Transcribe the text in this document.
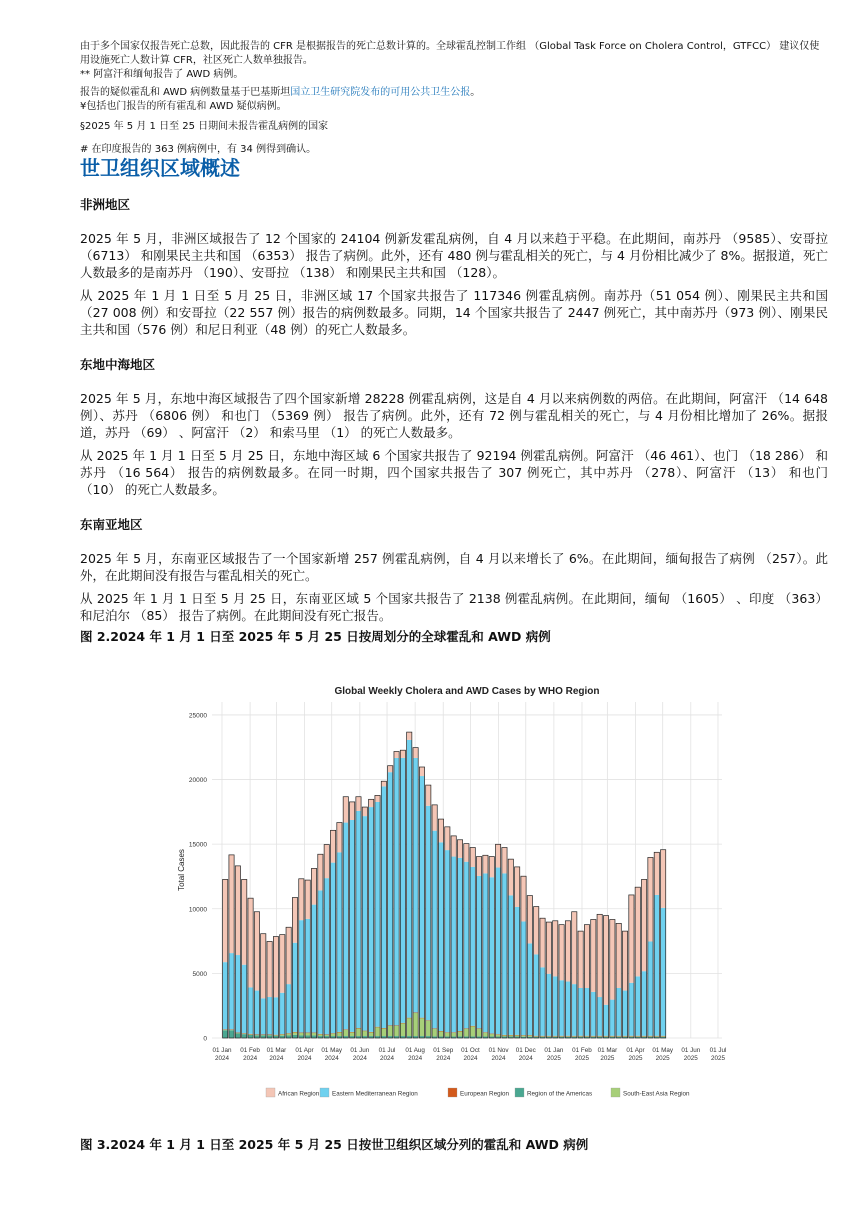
由于多个国家仅报告死亡总数，因此报告的 CFR 是根据报告的死亡总数计算的。全球霍乱控制工作组 （Global Task Force on Cholera Control，GTFCC） 建议仅使用设施死亡人数计算 CFR，社区死亡人数单独报告。

** 阿富汗和缅甸报告了 AWD 病例。

报告的疑似霍乱和 AWD 病例数量基于巴基斯坦国立卫生研究院发布的可用公共卫生公报。

¥包括也门报告的所有霍乱和 AWD 疑似病例。

§2025 年 5 月 1 日至 25 日期间未报告霍乱病例的国家

# 在印度报告的 363 例病例中，有 34 例得到确认。

世卫组织区域概述
非洲地区

2025 年 5 月，非洲区域报告了 12 个国家的 24104 例新发霍乱病例，自 4 月以来趋于平稳。在此期间，南苏丹 （9585）、安哥拉 （6713） 和刚果民主共和国 （6353） 报告了病例。此外，还有 480 例与霍乱相关的死亡，与 4 月份相比减少了 8%。据报道，死亡人数最多的是南苏丹 （190）、安哥拉 （138） 和刚果民主共和国 （128）。

从 2025 年 1 月 1 日至 5 月 25 日，非洲区域 17 个国家共报告了 117346 例霍乱病例。南苏丹（51 054 例）、刚果民主共和国（27 008 例）和安哥拉（22 557 例）报告的病例数最多。同期，14 个国家共报告了 2447 例死亡，其中南苏丹（973 例）、刚果民主共和国（576 例）和尼日利亚（48 例）的死亡人数最多。

东地中海地区

2025 年 5 月，东地中海区域报告了四个国家新增 28228 例霍乱病例，这是自 4 月以来病例数的两倍。在此期间，阿富汗 （14 648 例）、苏丹 （6806 例） 和也门 （5369 例） 报告了病例。此外，还有 72 例与霍乱相关的死亡，与 4 月份相比增加了 26%。据报道，苏丹 （69） 、阿富汗 （2） 和索马里 （1） 的死亡人数最多。

从 2025 年 1 月 1 日至 5 月 25 日，东地中海区域 6 个国家共报告了 92194 例霍乱病例。阿富汗 （46 461）、也门 （18 286） 和苏丹 （16 564） 报告的病例数最多。在同一时期，四个国家共报告了 307 例死亡，其中苏丹 （278）、阿富汗 （13） 和也门 （10） 的死亡人数最多。

东南亚地区

2025 年 5 月，东南亚区域报告了一个国家新增 257 例霍乱病例，自 4 月以来增长了 6%。在此期间，缅甸报告了病例 （257）。此外，在此期间没有报告与霍乱相关的死亡。

从 2025 年 1 月 1 日至 5 月 25 日，东南亚区域 5 个国家共报告了 2138 例霍乱病例。在此期间，缅甸 （1605） 、印度 （363） 和尼泊尔 （85） 报告了病例。在此期间没有死亡报告。

图 2.2024 年 1 月 1 日至 2025 年 5 月 25 日按周划分的全球霍乱和 AWD 病例

Global Weekly Cholera and AWD Cases by WHO Region
Total Cases
0
5000
10000
15000
20000
25000
01 Jan
2024
01 Feb
2024
01 Mar
2024
01 Apr
2024
01 May
2024
01 Jun
2024
01 Jul
2024
01 Aug
2024
01 Sep
2024
01 Oct
2024
01 Nov
2024
01 Dec
2024
01 Jan
2025
01 Feb
2025
01 Mar
2025
01 Apr
2025
01 May
2025
01 Jun
2025
01 Jul
2025
African Region Eastern Mediterranean Region	European Region	Region of the Americas	South-East Asia Region
图 3.2024 年 1 月 1 日至 2025 年 5 月 25 日按世卫组织区域分列的霍乱和 AWD 病例
